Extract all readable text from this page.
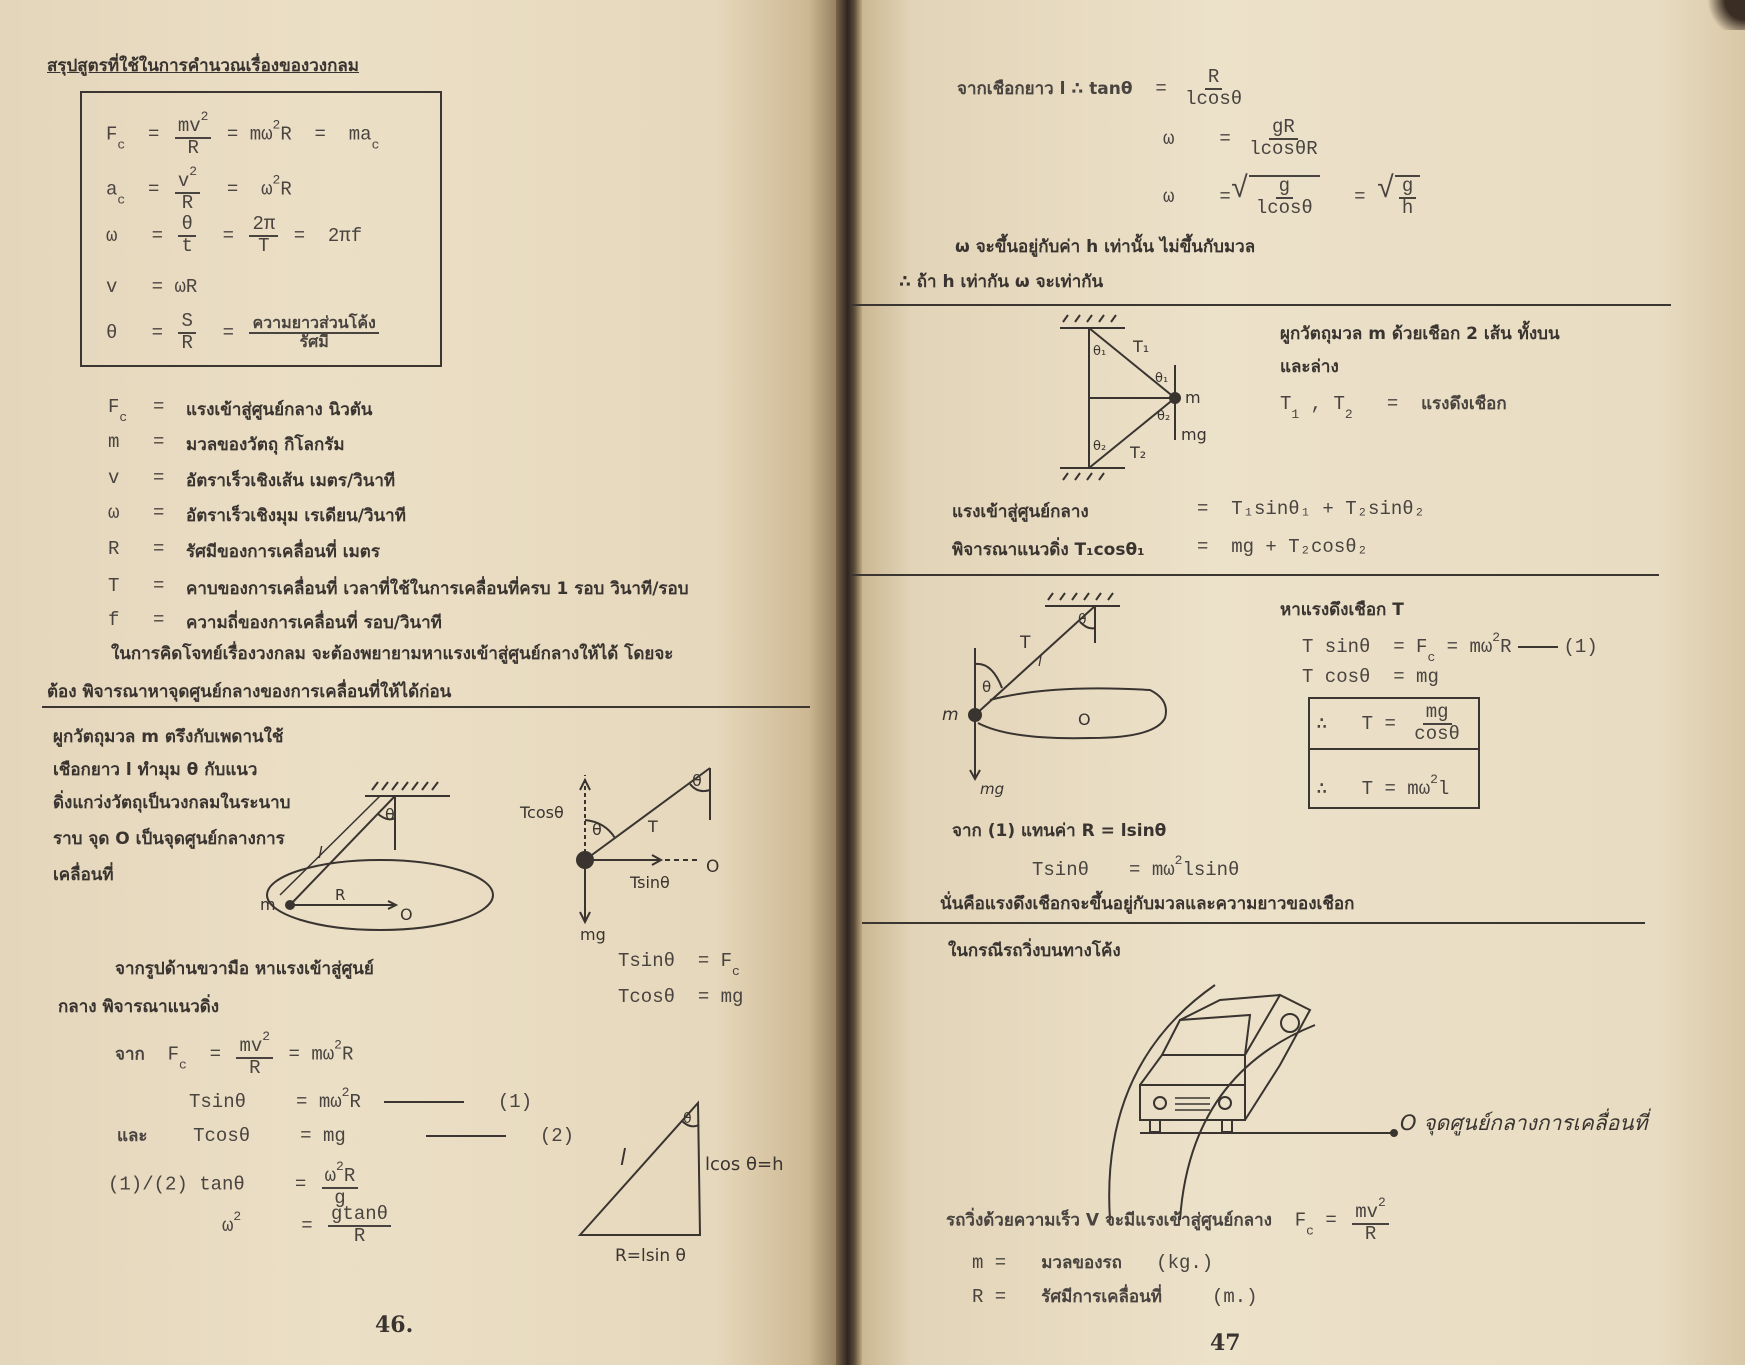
สรุปสูตรที่ใช้ในการคำนวณเรื่องของวงกลม
$F_c = \frac{mv^2}{R} = m\omega^2R = ma_c$
$a_c = \frac{v^2}{R} = \omega^2R$
$\omega = \frac{\theta}{t} = \frac{2\pi}{T} = 2\pi f$
v = ωR
$\theta = \frac{S}{R} = \frac{\text{ความยาวส่วนโค้ง}}{\text{รัศมี}}$
$F_c$ = แรงเข้าสู่ศูนย์กลาง นิวตัน
m = มวลของวัตถุ กิโลกรัม
v = อัตราเร็วเชิงเส้น เมตร/วินาที
ω = อัตราเร็วเชิงมุม เรเดียน/วินาที
R = รัศมีของการเคลื่อนที่ เมตร
T = คาบของการเคลื่อนที่ เวลาที่ใช้ในการเคลื่อนที่ครบ 1 รอบ วินาที/รอบ
f = ความถี่ของการเคลื่อนที่ รอบ/วินาที
ในการคิดโจทย์เรื่องวงกลม จะต้องพยายามหาแรงเข้าสู่ศูนย์กลางให้ได้ โดยจะ
ต้อง พิจารณาหาจุดศูนย์กลางของการเคลื่อนที่ให้ได้ก่อน
ผูกวัตถุมวล m ตรึงกับเพดานใช้
เชือกยาว l ทำมุม θ กับแนว
ดิ่งแกว่งวัตถุเป็นวงกลมในระนาบ
ราบ จุด O เป็นจุดศูนย์กลางการ
เคลื่อนที่
m	R
O
θ
l
Tcosθ
θ
θ
T
Tsinθ
O
mg
$Tsin\theta = F_c$
Tcosθ = mg
จากรูปด้านขวามือ หาแรงเข้าสู่ศูนย์
กลาง พิจารณาแนวดิ่ง
จาก $F_c = \frac{mv^2}{R} = m\omega^2R$
Tsinθ	= $m\omega^2R$	(1)
และ Tcosθ	= mg	(2)
(1)/(2) tanθ	= $\frac{\omega^2R}{g}$
$\omega^2$	= $\frac{gtan\theta}{R}$
l	lcos θ=h
R=lsin θ
θ
46.
จากเชือกยาว l ∴ $\tan\theta = \frac{R}{lcos\theta}$
$\omega = \frac{gR}{lcos\theta R}$
ω = √ $\frac{g}{lcos\theta}$ = √ $\frac{g}{h}$
ω จะขึ้นอยู่กับค่า h เท่านั้น ไม่ขึ้นกับมวล
∴ ถ้า h เท่ากัน ω จะเท่ากัน
θ₁
θ₁
θ₂
θ₂
T₁
T₂
m
mg
ผูกวัตถุมวล m ด้วยเชือก 2 เส้น ทั้งบน
และล่าง
$T_1$ , $T_2$ = แรงดึงเชือก
แรงเข้าสู่ศูนย์กลาง	= T₁sinθ₁ + T₂sinθ₂
พิจารณาแนวดิ่ง T₁cosθ₁	= mg + T₂cosθ₂
θ
θ
T
l
m	O
mg
หาแรงดึงเชือก T
T $\sin\theta = F_c = m\omega^2R$	(1)
T cosθ = mg
∴ $T = \frac{mg}{\cos\theta}$
∴ $T = m\omega^2l$
จาก (1) แทนค่า R = lsinθ
$Tsin\theta = m\omega^2lsin\theta$
นั่นคือแรงดึงเชือกจะขึ้นอยู่กับมวลและความยาวของเชือก
ในกรณีรถวิ่งบนทางโค้ง
O จุดศูนย์กลางการเคลื่อนที่
รถวิ่งด้วยความเร็ว V จะมีแรงเข้าสู่ศูนย์กลาง $F_c = \frac{mv^2}{R}$
m = มวลของรถ (kg.)
R = รัศมีการเคลื่อนที่	(m.)
47
